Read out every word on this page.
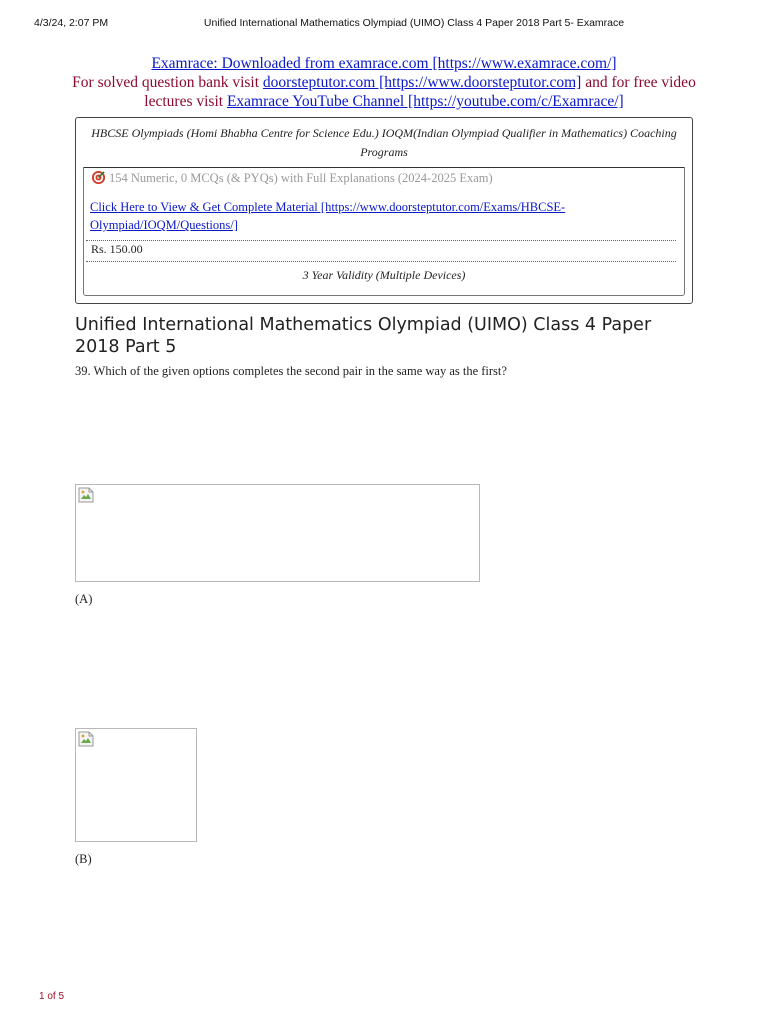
4/3/24, 2:07 PM	Unified International Mathematics Olympiad (UIMO) Class 4 Paper 2018 Part 5- Examrace
Examrace: Downloaded from examrace.com [https://www.examrace.com/]
For solved question bank visit doorsteptutor.com [https://www.doorsteptutor.com] and for free video lectures visit Examrace YouTube Channel [https://youtube.com/c/Examrace/]
HBCSE Olympiads (Homi Bhabha Centre for Science Edu.) IOQM(Indian Olympiad Qualifier in Mathematics) Coaching Programs
154 Numeric, 0 MCQs (& PYQs) with Full Explanations (2024-2025 Exam)
Click Here to View & Get Complete Material [https://www.doorsteptutor.com/Exams/HBCSE-Olympiad/IOQM/Questions/]
Rs. 150.00
3 Year Validity (Multiple Devices)
Unified International Mathematics Olympiad (UIMO) Class 4 Paper 2018 Part 5
39. Which of the given options completes the second pair in the same way as the first?
(A)
(B)
1 of 5
